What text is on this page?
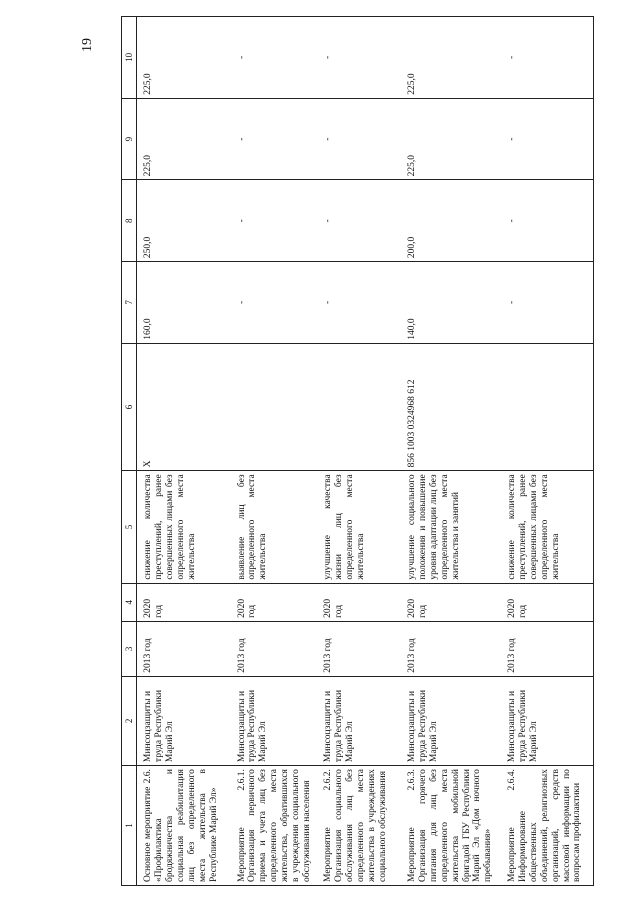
19
1	2	3	4	5	6	7	8	9	10
Основное мероприятие 2.6. «Профилактика бродяжничества и социальная реабилитация лиц без определенного места жительства в Республике Марий Эл»	Минсоцзащиты и труда Республики Марий Эл	2013 год	2020 год	снижение количества преступлений, ранее совершенных лицами без определенного места жительства	X	160,0	250,0	225,0	225,0
Мероприятие 2.6.1. Организация первичного приема и учета лиц без определенного места жительства, обратившихся в учреждения социального обслуживания населения	Минсоцзащиты и труда Республики Марий Эл	2013 год	2020 год	выявление лиц без определенного места жительства		-	-	-	-
Мероприятие 2.6.2. Организация социального обслуживания лиц без определенного места жительства в учреждениях социального обслуживания	Минсоцзащиты и труда Республики Марий Эл	2013 год	2020 год	улучшение качества жизни лиц без определенного места жительства		-	-	-	-
Мероприятие 2.6.3. Организация горячего питания для лиц без определенного места жительства мобильной бригадой ГБУ Республики Марий Эл «Дом ночного пребывания»	Минсоцзащиты и труда Республики Марий Эл	2013 год	2020 год	улучшение социального положения и повышение уровня адаптации лиц без определенного места жительства и занятий	856 1003 0324968 612	140,0	200,0	225,0	225,0
Мероприятие 2.6.4. Информирование общественных объединений, религиозных организаций, средств массовой информации по вопросам профилактики	Минсоцзащиты и труда Республики Марий Эл	2013 год	2020 год	снижение количества преступлений, ранее совершенных лицами без определенного места жительства		-	-	-	-
